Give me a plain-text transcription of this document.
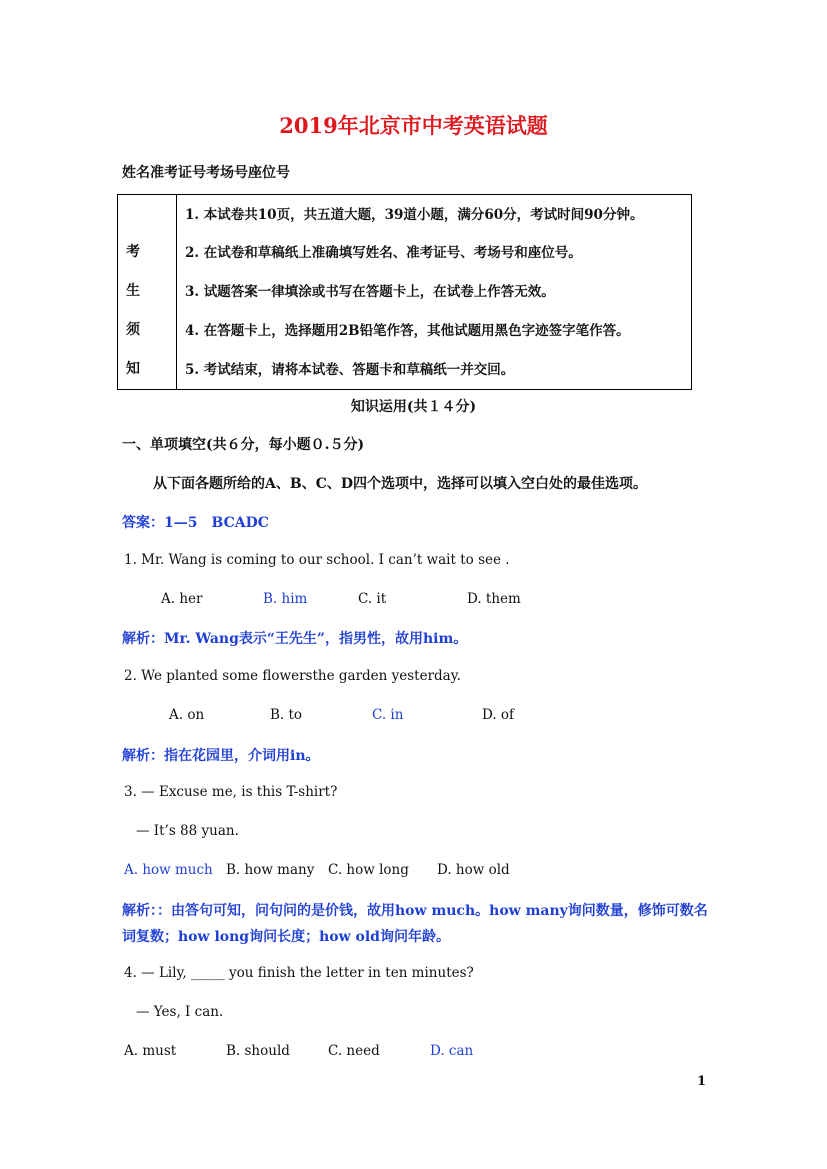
2019年北京市中考英语试题
姓名准考证号考场号座位号
考
生
须
知

1. 本试卷共10页，共五道大题，39道小题，满分60分，考试时间90分钟。
2. 在试卷和草稿纸上准确填写姓名、准考证号、考场号和座位号。
3. 试题答案一律填涂或书写在答题卡上，在试卷上作答无效。
4. 在答题卡上，选择题用2B铅笔作答，其他试题用黑色字迹签字笔作答。
5. 考试结束，请将本试卷、答题卡和草稿纸一并交回。
知识运用(共１４分)
一、单项填空(共６分，每小题０.５分)
从下面各题所给的A、B、C、D四个选项中，选择可以填入空白处的最佳选项。
答案：1—5　BCADC
1. Mr. Wang is coming to our school. I can’t wait to see .
A. her	B. him	C. it	D. them
解析：Mr. Wang表示“王先生”，指男性，故用him。
2. We planted some flowersthe garden yesterday.
A. on	B. to	C. in	D. of
解析：指在花园里，介词用in。
3. — Excuse me, is this T-shirt?
— It’s 88 yuan.
A. how much B. how many C. how long D. how old
解析：：由答句可知，问句问的是价钱，故用how much。how many询问数量，修饰可数名
词复数；how long询问长度；how old询问年龄。
4. — Lily, _____ you finish the letter in ten minutes?
— Yes, I can.
A. must	B. should	C. need	D. can
1
